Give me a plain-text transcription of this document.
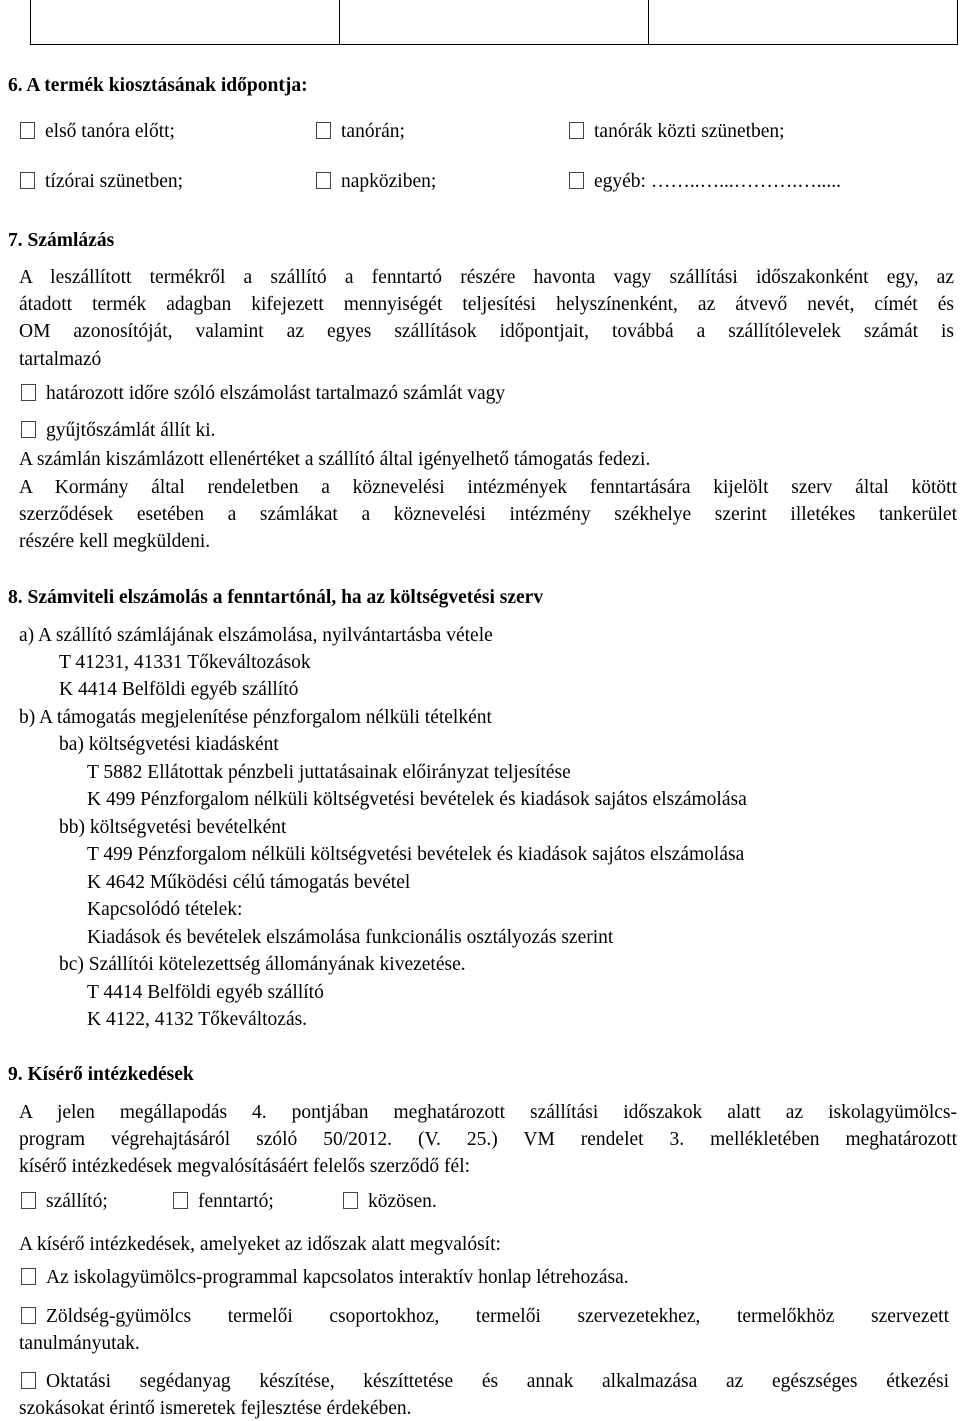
6. A termék kiosztásának időpontja:
első tanóra előtt;	tanórán;	tanórák közti szünetben;
tízórai szünetben;	napköziben;	egyéb: ……..…...……….….....
7. Számlázás
A leszállított termékről a szállító a fenntartó részére havonta vagy szállítási időszakonként egy, az
átadott termék adagban kifejezett mennyiségét teljesítési helyszínenként, az átvevő nevét, címét és
OM azonosítóját, valamint az egyes szállítások időpontjait, továbbá a szállítólevelek számát is
tartalmazó
határozott időre szóló elszámolást tartalmazó számlát vagy
gyűjtőszámlát állít ki.
A számlán kiszámlázott ellenértéket a szállító által igényelhető támogatás fedezi.
A Kormány által rendeletben a köznevelési intézmények fenntartására kijelölt szerv által kötött
szerződések esetében a számlákat a köznevelési intézmény székhelye szerint illetékes tankerület
részére kell megküldeni.
8. Számviteli elszámolás a fenntartónál, ha az költségvetési szerv
a) A szállító számlájának elszámolása, nyilvántartásba vétele
T 41231, 41331 Tőkeváltozások
K 4414 Belföldi egyéb szállító
b) A támogatás megjelenítése pénzforgalom nélküli tételként
ba) költségvetési kiadásként
T 5882 Ellátottak pénzbeli juttatásainak előirányzat teljesítése
K 499 Pénzforgalom nélküli költségvetési bevételek és kiadások sajátos elszámolása
bb) költségvetési bevételként
T 499 Pénzforgalom nélküli költségvetési bevételek és kiadások sajátos elszámolása
K 4642 Működési célú támogatás bevétel
Kapcsolódó tételek:
Kiadások és bevételek elszámolása funkcionális osztályozás szerint
bc) Szállítói kötelezettség állományának kivezetése.
T 4414 Belföldi egyéb szállító
K 4122, 4132 Tőkeváltozás.
9. Kísérő intézkedések
A jelen megállapodás 4. pontjában meghatározott szállítási időszakok alatt az iskolagyümölcs-
program végrehajtásáról szóló 50/2012. (V. 25.) VM rendelet 3. mellékletében meghatározott
kísérő intézkedések megvalósításáért felelős szerződő fél:
szállító;	fenntartó;	közösen.
A kísérő intézkedések, amelyeket az időszak alatt megvalósít:
Az iskolagyümölcs-programmal kapcsolatos interaktív honlap létrehozása.
Zöldség-gyümölcs termelői csoportokhoz, termelői szervezetekhez, termelőkhöz szervezett
tanulmányutak.
Oktatási segédanyag készítése, készíttetése és annak alkalmazása az egészséges étkezési
szokásokat érintő ismeretek fejlesztése érdekében.
